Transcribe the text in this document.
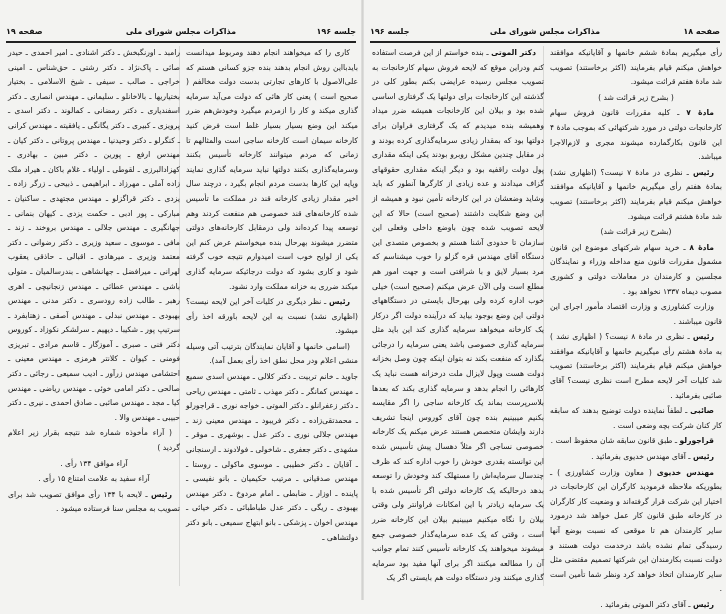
جلسه ۱۹۶
مذاکرات مجلس شورای ملی
صفحه ۱۹

کاری را که میخواهند انجام دهند ومربوط میدانست بایدبااین روش انجام بدهند بنده جزو کسانی هستم که علی‌الاصول با کارهای تجارتی بدست دولت مخالفم ( صحیح است ) یعنی کار هائی که دولت می‌آید سرمایه گذاری میکند و کار را ازمردم میگیرد وخودش‌هم ضرر میکند این وضع بسیار بسیار غلط است فرض کنید کارخانه سیمان است کارخانه ساجی است والمثالهم تا زمانی که مردم میتوانند کارخانه تأسیس بکنند وسرمایه‌گذاری بکنند دولتها نباید سرمایه گذاری نمایند وپایه این کارها بدست مردم انجام بگیرد ، درچند سال اخیر مقدار زیادی کارخانه قند در مملکت ما تأسیس شده کارخانه‌های قند خصوصی هم منفعت کردند وهم توسعه پیدا کرده‌اند ولی درمقابل کارخانه‌های دولتی متضرر میشوند بهرحال بنده میخواستم عرض کنم این یکی از لوایح خوب است امیدوارم نتیجه خوب گرفته شود و کاری بشود که دولت درجائیکه سرمایه گذاری میکند ضرری به خزانه مملکت وارد نشود.

رئیس ـ نظر دیگری در کلیات آخر این لایحه نیست؟ (اظهاری نشد) نسبت به این لایحه باورقه اخذ رأی میشود.

(اسامی خانمها و آقایان نمایندگان بترتیب آتی وسیله منشی اعلام ودر محل نطق اخذ رأی بعمل آمد).

جاوید ـ خانم تربیت ـ دکتر کلالی ـ مهندس اسدی سمیع ـ مهندس کمانگر ـ دکتر مهذب ـ ثامتی ـ مهندس ریاحی ـ دکتر زعفرانلو ـ دکتر الموتی ـ خواجه نوری ـ قراجورلو ـ محمدتقی‌زاده ـ دکتر فریبود ـ مهندس معینی زند ـ مهندس جلالی نوری ـ دکتر عدل ـ بوشهری ـ موقر ـ مشهدی ـ دکتر جعفری ـ شاخولی ـ فولادوند ـ ارسنجانی ـ آقایان ـ دکتر خطیبی ـ موسوی ماکولی ـ روستا ـ مهندس صدقیانی ـ مرتیب حکیمیان ـ بانو نفیسی ـ پاینده ـ اوزار ـ ضابطی ـ امام مردوخ ـ دکتر مهندس بهبودی ـ ریگی ـ دکتر عدل طباطبائی ـ دکتر خیائی ـ مهندس اخوان ـ پزشکی ـ بانو ابتهاج سمیعی ـ بانو دکتر دولتشاهی ـ

رامبد ـ اورنگبخش ـ دکتر اشنادی ـ امیر احمدی ـ حیدر صائی ـ پاک‌نژاد ـ دکتر رشتی ـ حق‌شناس ـ امینی خراجی ـ صالب ـ سیفی ـ شیخ الاسلامی ـ بختیار بختیاریها ـ بالاخانلو ـ سلیمانی ـ مهندس انصاری ـ دکتر اسفندیاری ـ دکتر رمضانی ـ کمالوند ـ دکتر اسدی ـ پرویزی ـ کبیری ـ دکتر یگانگی ـ یافقیته ـ مهندس کرانی ـ کنگرلو ـ دکتر وحیدنیا ـ مهندس پروتانی ـ دکتر کیان ـ مهندس ارفع ـ پورین ـ دکتر مبین ـ بهادری ـ کهزادالبرزی ـ لقوطی ـ اولیاء ـ غلام باکان ـ هیراد ملک زاده آملی ـ مهرزاد ـ ابراهیمی ـ ذبیحی ـ زرگر زاده ـ یزدی ـ دکتر قراگزلو ـ مهندس مجتهدی ـ ساکنیان ـ مبارکی ـ پور ادبی ـ حکمت یزدی ـ کیهان بنمانی ـ جهانگیری ـ مهندس جلالی ـ مهندس بروخند ـ زند ـ مافی ـ موسوی ـ سعید وزیری ـ دکتر رضوانی ـ دکتر معتمد وزیری ـ میرهادی ـ اقبالی ـ حاذقی یعقوب لهرانی ـ میرافضل ـ جهانشاهی ـ بندرسالمیان ـ متولی باشی ـ مهندس عطائی ـ مهندس زنجانیچی ـ اهری رهبر ـ طالب زاده رودسری ـ دکتر مدنی ـ مهندس بهبودی ـ مهندس نبدلی ـ مهندس آصفی ـ زهتابفرد ـ سرتیپ پور ـ شکیبا ـ دیهیم ـ سرلشکر نکوزاد ـ کوروس دکتر فنی ـ صبری ـ آموزگار ـ قاسم مرادی ـ تبریزی فومنی ـ کیوان ـ کلانتر هرمزی ـ مهندس معینی ـ احتشامی مهندس زرآور ـ ادیب سمیعی ـ رجائی ـ دکتر صالحی ـ دکتر امامی خوئی ـ مهندس ریاضی ـ مهندس کیا ـ مجد ـ مهندس صائبی ـ صادق احمدی ـ نیری ـ دکتر حبیبی ـ مهندس والا .

( آراء مأخوذه شماره شد نتیجه بقرار زیر اعلام گردید )

آراء موافق ۱۳۴ رأی .

آراء سفید به علامت امتناع ۱۵ رأی .

رئیس ـ لایحه با ۱۳۴ رأی موافق تصویب شد برای تصویب به مجلس سنا فرستاده میشود .

صفحه ۱۸
مذاکرات مجلس شورای ملی
جلسه ۱۹۶

رأی میگیریم بمادهٔ ششم خانمها و آقایانیکه موافقند خواهش میکنم قیام بفرمایند (اکثر برخاستند) تصویب شد مادهٔ هفتم قرائت میشود.

( بشرح زیر قرائت شد )

مادهٔ ۷ ـ کلیه مقررات قانون فروش سهام کارخانجات دولتی در مورد شرکتهائی که بموجب مادهٔ ۴ این قانون بکارگمارده میشوند مجری و لازم‌الاجرا میباشد.

رئیس ـ نظری در مادهٔ ۷ نیست؟ (اظهاری نشد) بمادهٔ هفتم رأی میگیریم خانمها و آقایانیکه موافقند خواهش میکنم قیام بفرمایند (اکثر برخاستند) تصویب شد مادهٔ هشتم قرائت میشود.

(بشرح زیر قرائت شد)

مادهٔ ۸ ـ خرید سهام شرکتهای موضوع این قانون مشمول مقررات قانون منع مداخله وزراء و نمایندگان مجلسین و کارمندان در معاملات دولتی و کشوری مصوب دیماه ۱۳۳۷ نخواهد بود .

وزارت کشاورزی و وزارت اقتصاد مأمور اجرای این قانون میباشند .

رئیس ـ نظری در مادهٔ ۸ نیست؟ ( اظهاری نشد ) به مادهٔ هشتم رأی میگیریم خانمها و آقایانیکه موافقند خواهش میکنم قیام بفرمایند (اکثر برخاستند) تصویب شد کلیات آخر لایحه مطرح است نظری نیست؟ آقای صائبی بفرمائید .

صائبی ـ لطفاً نماینده دولت توضیح بدهند که سابقه کار کنان شرکت بچه وضعی است .

قراجورلو ـ طبق قانون سابقه شان محفوظ است .

رئیس ـ آقای مهندس خدیوی بفرمائید .

مهندس خدیوی ( معاون وزارت کشاورزی ) ـ بطوریکه ملاحظه فرمودید کارگران این کارخانجات در اختیار این شرکت قرار گرفته‌اند و وضعیت کار کارگران در کارخانه طبق قانون کار عمل خواهد شد درمورد سایر کارمندان هم تا موقعی که نسبت بوضع آنها رسیدگی تمام نشده باشد درخدمت دولت هستند و دولت نسبت بکارمندان این شرکتها تصمیم مقتضی مثل سایر کارمندان اتخاذ خواهد کرد ونظر شما تأمین است .

رئیس ـ آقای دکتر الموتی بفرمائید .

دکتر الموتی ـ بنده خواستم از این فرصت استفاده کنم ودراین موقع که لایحه فروش سهام کارخانجات به تصویب مجلس رسیده عرایضی بکنم بطور کلی در گذشته این کارخانجات برای دولتها یک گرفتاری اساسی شده بود و بیلان این کارخانجات همیشه ضرر میداد وهمیشه بنده میدیدم که یک گرفتاری فراوان برای دولتها بود که بمقدار زیادی سرمایه‌گذاری کرده بودند و در مقابل چندین مشکل روبرو بودند یکی اینکه مقداری پول دولت راقفیه بود و دیگر اینکه مقداری حقوقهای گزاف میدادند و عده زیادی از کارگرها آنطور که باید وشاید وضعشان در این کارخانه تأمین نبود و همیشه از این وضع شکایت داشتند (صحیح است) حالا که این لایحه تصویب شده چون باوضع داخلی وفعلی این سازمان تا حدودی آشنا هستم و بخصوص متصدی این دستگاه آقای مهندس قره گزلو را خوب میشناسم که مرد بسیار لایق و با شرافتی است و جهت امور هم مطلع است ولی الآن عرض میکنم (صحیح است) خیلی خوب اداره کرده ولی بهرحال بایستی در دستگاههای دولتی این وضع بوجود بیاید که درآینده دولت اگر درکار یک کارخانه میخواهد سرمایه گذاری کند این باید مثل سرمایه گذاری خصوصی باشد یعنی سرمایه را درجائی بگذارد که منفعت بکند نه بتوان اینکه چون وصل بخزانه دولت هست وپول لایزال ملت درخزانه هست نباید یک کارهائی را انجام بدهد و سرمایه گذاری بکند که بعدها بلاسرپرست بماند یک کارخانه ساجی را اگر مقایسه بکنیم میبینیم بنده چون آقای کوروس اینجا تشریف دارند وایشان متخصص هستند عرض میکنم یک کارخانه خصوصی نساجی اگر مثلاً دهسال پیش تأسیس شده این توانسته بقدری خودش را خوب اداره کند که ظرف چندسال سرمایه‌اش را مستهلک کند وخودش را توسعه بدهد درحالیکه یک کارخانه دولتی اگر تأسیس شده با یک سرمایه زیادتر با این امکانات فراوانتر ولی وقتی بیلان را نگاه میکنیم میبینیم بیلان این کارخانه ضرر است ، وقتی که یک عده سرمایه‌گذار خصوصی جمع میشوند میخواهند یک کارخانه تأسیس کنند تمام جوانب آن را مطالعه میکنند اگر برای آنها مفید بود سرمایه گذاری میکنند ودر دستگاه دولت هم بایستی اگر یک
